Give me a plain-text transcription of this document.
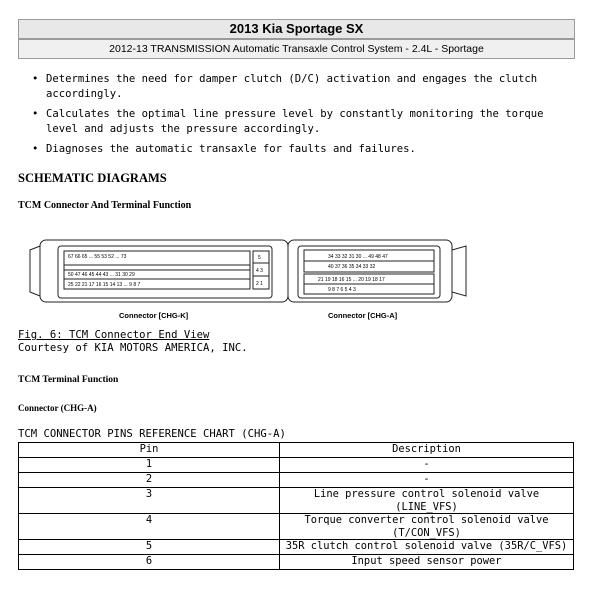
2013 Kia Sportage SX
2012-13 TRANSMISSION Automatic Transaxle Control System - 2.4L - Sportage
• Determines the need for damper clutch (D/C) activation and engages the clutch accordingly.
• Calculates the optimal line pressure level by constantly monitoring the torque level and adjusts the pressure accordingly.
• Diagnoses the automatic transaxle for faults and failures.
SCHEMATIC DIAGRAMS
TCM Connector And Terminal Function
67 66 65 ... 55 53 52 ... 73
50 47 46 45 44 43 ... 31 30 29
25 22 21 17 16 15 14 13 ... 9 8 7
5
4 3
2 1
34 33 32 31 30 ... 49 48 47
40 37 36 35 34 33 32
21 19 18 16 15 ... 20 19 18 17
9 8 7 6 5 4 3
Connector [CHG-K]	Connector [CHG-A]
Fig. 6: TCM Connector End View
Courtesy of KIA MOTORS AMERICA, INC.
TCM Terminal Function
Connector (CHG-A)
TCM CONNECTOR PINS REFERENCE CHART (CHG-A)
Pin	Description
1	-
2	-
3	Line pressure control solenoid valve (LINE_VFS)
4	Torque converter control solenoid valve (T/CON_VFS)
5	35R clutch control solenoid valve (35R/C_VFS)
6	Input speed sensor power
